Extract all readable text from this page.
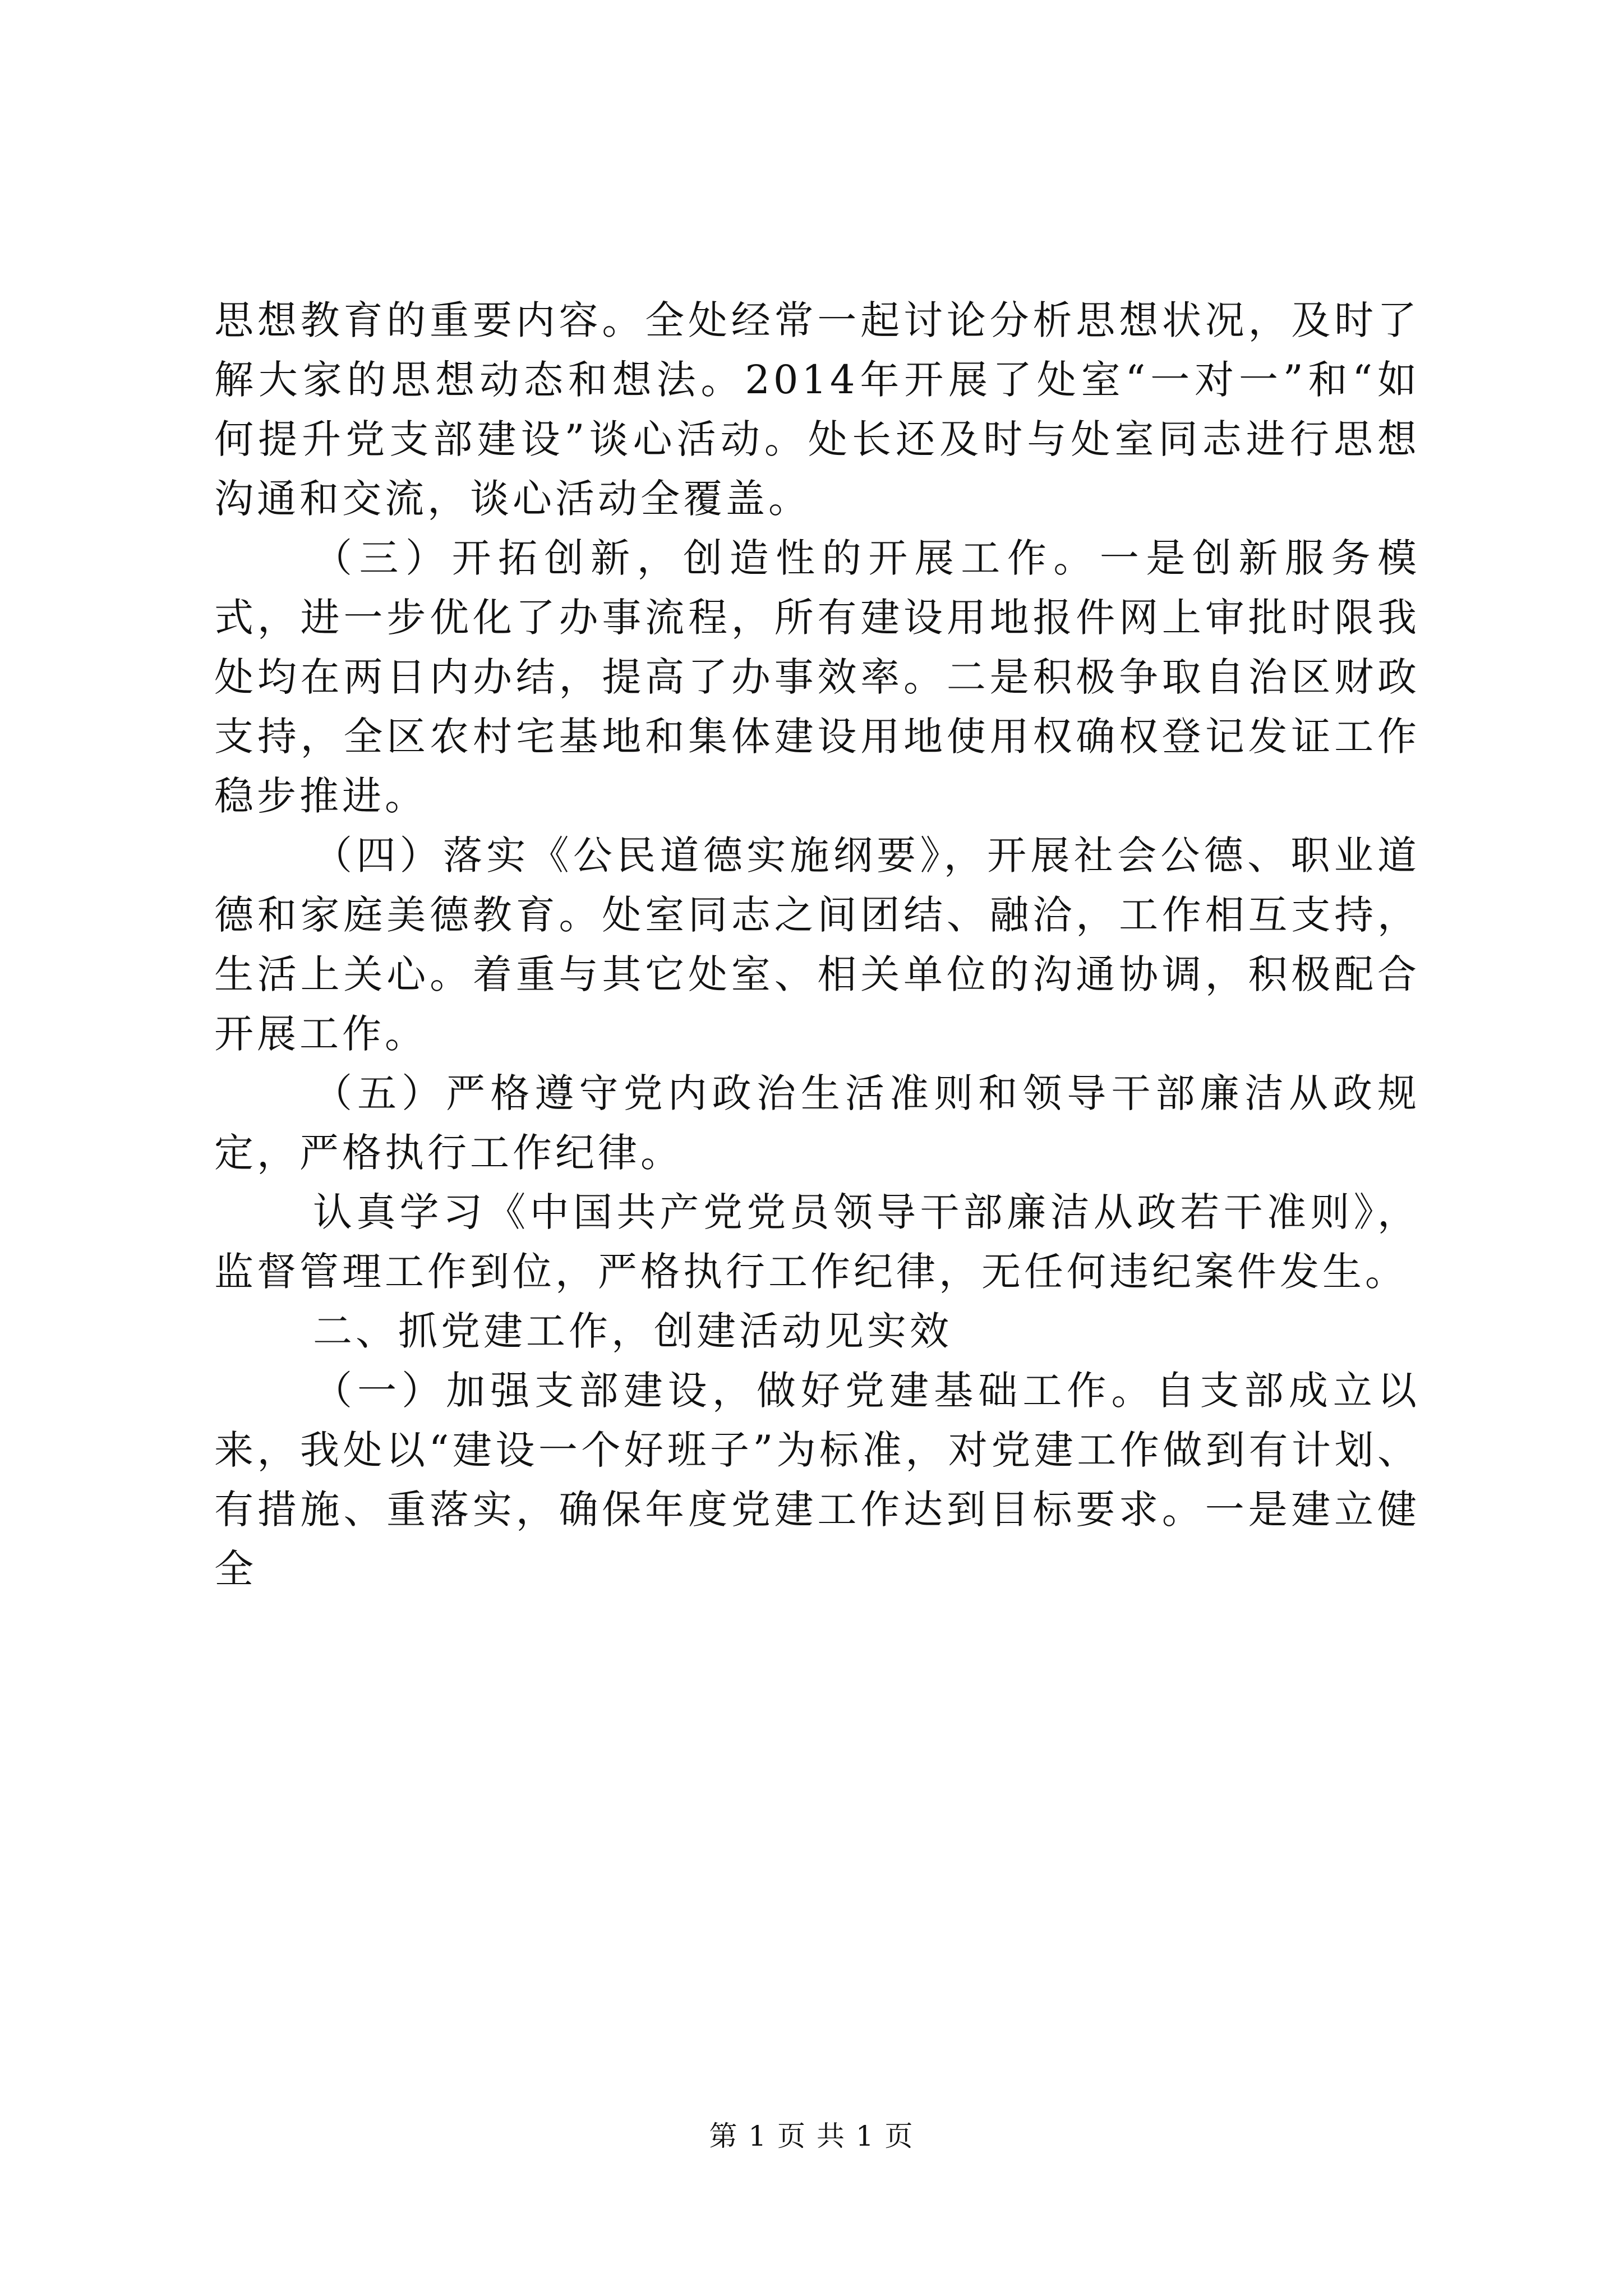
思想教育的重要内容。全处经常一起讨论分析思想状况，及时了解大家的思想动态和想法。2014年开展了处室“一对一”和“如何提升党支部建设”谈心活动。处长还及时与处室同志进行思想沟通和交流，谈心活动全覆盖。

（三）开拓创新，创造性的开展工作。一是创新服务模式，进一步优化了办事流程，所有建设用地报件网上审批时限我处均在两日内办结，提高了办事效率。二是积极争取自治区财政支持，全区农村宅基地和集体建设用地使用权确权登记发证工作稳步推进。

（四）落实《公民道德实施纲要》，开展社会公德、职业道德和家庭美德教育。处室同志之间团结、融洽，工作相互支持，生活上关心。着重与其它处室、相关单位的沟通协调，积极配合开展工作。

（五）严格遵守党内政治生活准则和领导干部廉洁从政规定，严格执行工作纪律。

认真学习《中国共产党党员领导干部廉洁从政若干准则》，监督管理工作到位，严格执行工作纪律，无任何违纪案件发生。

二、抓党建工作，创建活动见实效

（一）加强支部建设，做好党建基础工作。自支部成立以来，我处以“建设一个好班子”为标准，对党建工作做到有计划、有措施、重落实，确保年度党建工作达到目标要求。一是建立健全

第 1 页 共 1 页
